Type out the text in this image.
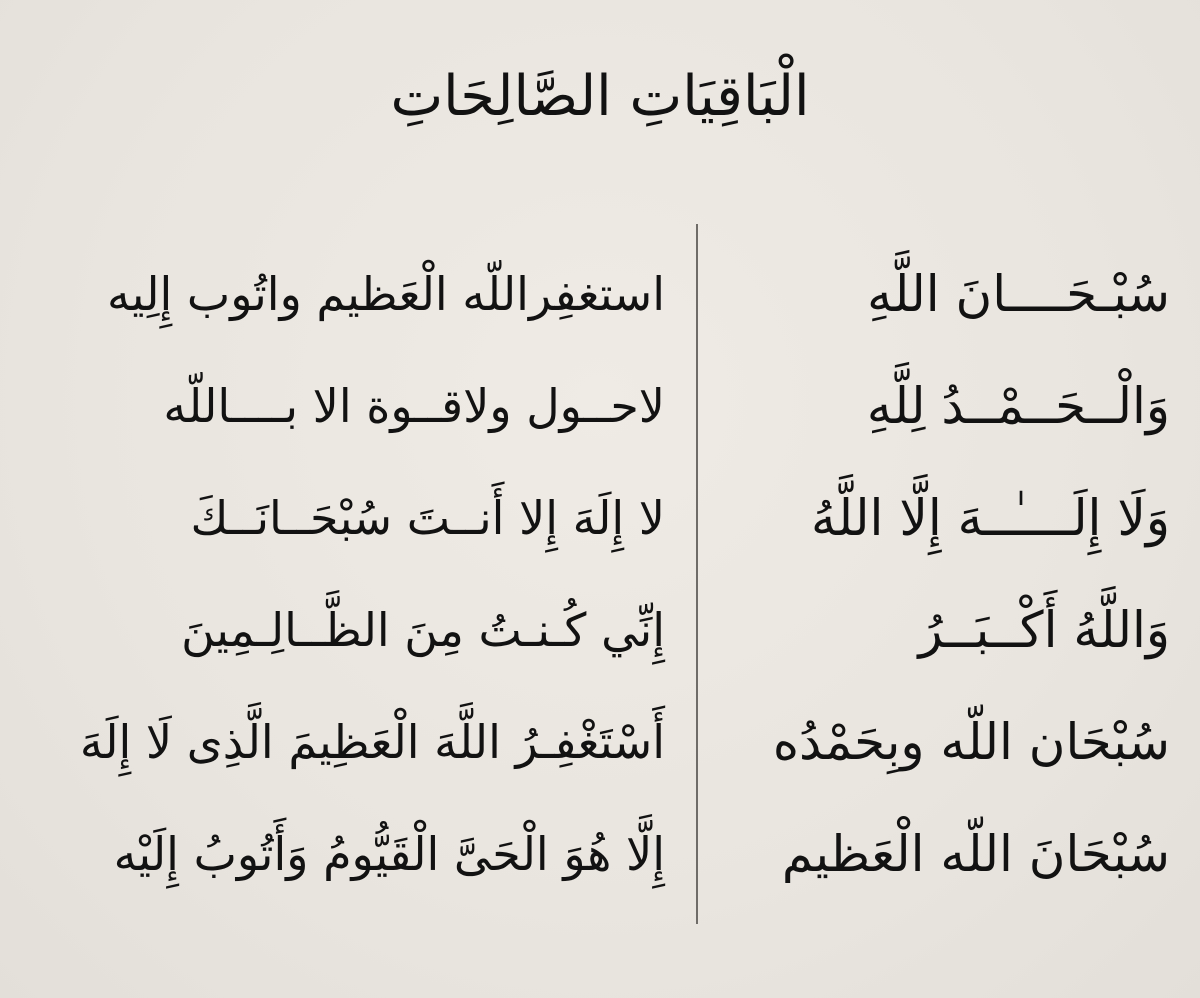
الْبَاقِيَاتِ الصَّالِحَاتِ
سُبْـحَــــانَ اللَّهِ
وَالْــحَــمْــدُ لِلَّهِ
وَلَا إِلَــــٰــهَ إِلَّا اللَّهُ
وَاللَّهُ أَكْــبَــرُ
سُبْحَان اللّه وبِحَمْدُه
سُبْحَانَ اللّه الْعَظيم
استغفِراللّه الْعَظيم واتُوب إِلِيه
لاحــول ولاقــوة الا بــــاللّه
لا إِلَهَ إِلا أَنــتَ سُبْحَــانَــكَ
إِنِّي كُـنـتُ مِنَ الظَّــالِـمِينَ
أَسْتَغْفِـرُ اللَّهَ الْعَظِيمَ الَّذِى لَا إِلَهَ
إِلَّا هُوَ الْحَىَّ الْقَيُّومُ وَأَتُوبُ إِلَيْه
